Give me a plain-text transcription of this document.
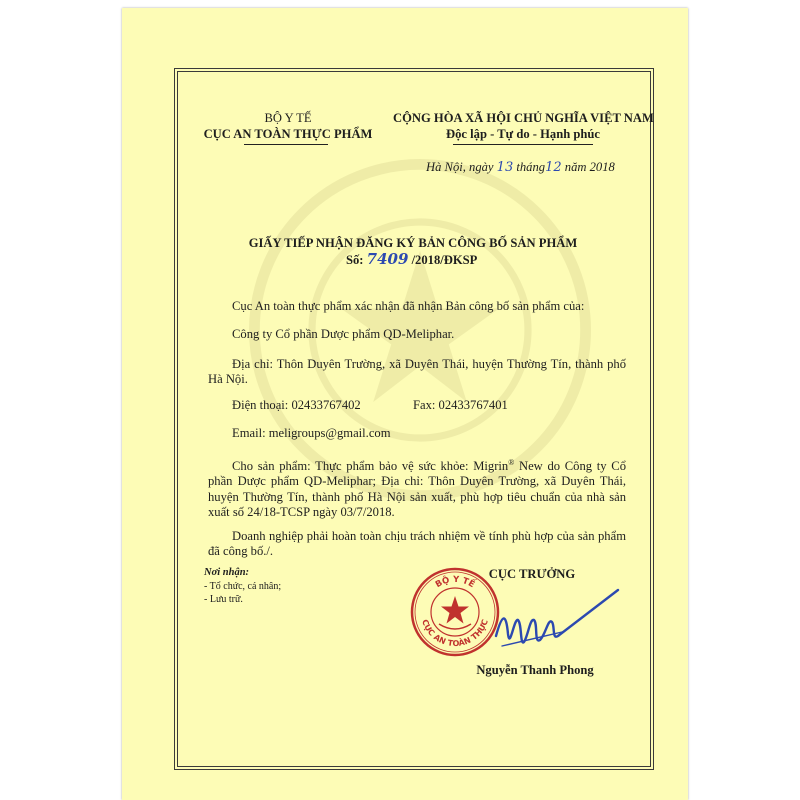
BỘ Y TẾ
CỤC AN TOÀN THỰC PHẨM
CỘNG HÒA XÃ HỘI CHỦ NGHĨA VIỆT NAM
Độc lập - Tự do - Hạnh phúc
Hà Nội, ngày 13 tháng12 năm 2018
GIẤY TIẾP NHẬN ĐĂNG KÝ BẢN CÔNG BỐ SẢN PHẨM
Số: 7409 /2018/ĐKSP
Cục An toàn thực phẩm xác nhận đã nhận Bản công bố sản phẩm của:
Công ty Cổ phần Dược phẩm QD-Meliphar.
Địa chỉ: Thôn Duyên Trường, xã Duyên Thái, huyện Thường Tín, thành phố Hà Nội.
Điện thoại: 02433767402	Fax: 02433767401
Email: meligroups@gmail.com
Cho sản phẩm: Thực phẩm bảo vệ sức khỏe: Migrin® New do Công ty Cổ phần Dược phẩm QD-Meliphar; Địa chỉ: Thôn Duyên Trường, xã Duyên Thái, huyện Thường Tín, thành phố Hà Nội sản xuất, phù hợp tiêu chuẩn của nhà sản xuất số 24/18-TCSP ngày 03/7/2018.
Doanh nghiệp phải hoàn toàn chịu trách nhiệm về tính phù hợp của sản phẩm đã công bố./.
Nơi nhận:
- Tổ chức, cá nhân;
- Lưu trữ.
CỤC TRƯỞNG
BỘ Y TẾ
CỤC AN TOÀN THỰC
Nguyễn Thanh Phong
